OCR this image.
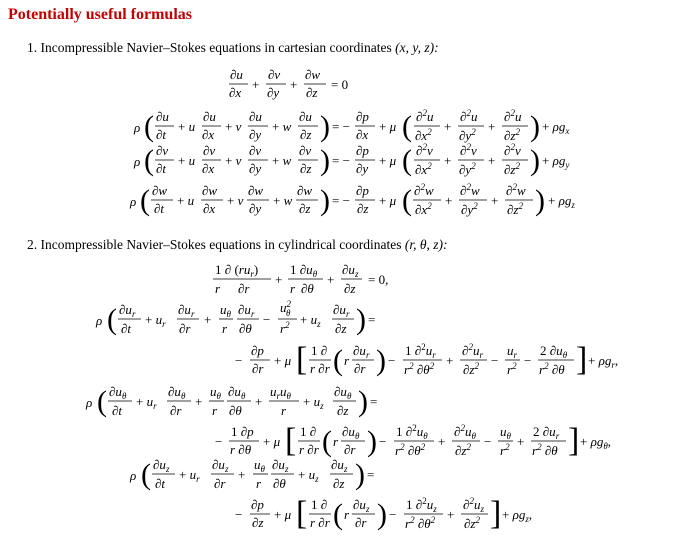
Potentially useful formulas
1. Incompressible Navier–Stokes equations in cartesian coordinates (x, y, z):
2. Incompressible Navier–Stokes equations in cylindrical coordinates (r, θ, z):
∂u
∂x
+
∂v
∂y
+
∂w
∂z
= 0
ρ ( ∂u
∂t
+ u
∂u
∂x
+ v
∂u
∂y
+ w
∂u
∂z ) = −
∂p
∂x
+ μ ( ∂$^2$u
$\partial x^2$ +
∂$^2$u
$\partial y^2$ +
∂$^2$u
$\partial z^2$ ) + $\rho g_x$
ρ ( ∂v
∂t
+ u
∂v
∂x
+ v
∂v
∂y
+ w
∂v
∂z ) = −
∂p
∂y
+ μ ( ∂$^2$v
$\partial x^2$ +
∂$^2$v
$\partial y^2$ +
∂$^2$v
$\partial z^2$ ) + $\rho g_y$
ρ ( ∂w
∂t
+ u
∂w
∂x
+ v
∂w
∂y
+ w
∂w
∂z ) = −
∂p
∂z
+ μ ( ∂$^2$w
$\partial x^2$ +
∂$^2$w
$\partial y^2$ +
∂$^2$w
$\partial z^2$ ) + $\rho g_z$
1 ∂ $(ru_r)$
r ∂r
+
1 $\partial u_\theta$
r ∂θ
+
$\partial u_z$
∂z
= 0,
ρ ( $\partial u_r$
∂t
+ $u_r$
$\partial u_r$
∂r
+
$u_\theta$
r
$\partial u_r$
∂θ
−
$u^2$ θ
$r^2 + u_z$
$\partial u_r$
∂z ) =
−
∂p
∂r
+ μ [ 1 ∂
r ∂r ( r
$\partial u_r$
∂r ) −
1 $\partial^2u_r$
$r^2$ $\partial\theta^2$ +
$\partial^2u_r$
$\partial z^2$ −
$u_r$
$r^2$ −
2 $\partial u_\theta$
$r^2$ ∂θ ] + $\rho g_r$,
ρ ( $\partial u_\theta$
∂t
+ $u_r$
$\partial u_\theta$
∂r
+
$u_\theta$
r
$\partial u_\theta$
∂θ
+
$u_ru_\theta$
r
+ $u_z$
$\partial u_\theta$
∂z ) =
−
1 ∂p
r ∂θ
+ μ [ 1 ∂
r ∂r ( r
$\partial u_\theta$
∂r ) −
1 $\partial^2u_\theta$
$r^2$ $\partial\theta^2$ +
$\partial^2u_\theta$
$\partial z^2$ −
$u_\theta$
$r^2$ +
2 $\partial u_r$
$r^2$ ∂θ ] + $\rho g_\theta$,
ρ ( $\partial u_z$
∂t
+ $u_r$
$\partial u_z$
∂r
+
$u_\theta$
r
$\partial u_z$
∂θ
+ $u_z$
$\partial u_z$
∂z ) =
−
∂p
∂z
+ μ [ 1 ∂
r ∂r ( r
$\partial u_z$
∂r ) −
1 $\partial^2u_z$
$r^2$ $\partial\theta^2$ +
$\partial^2u_z$
$\partial z^2$ ] + $\rho g_z$,
